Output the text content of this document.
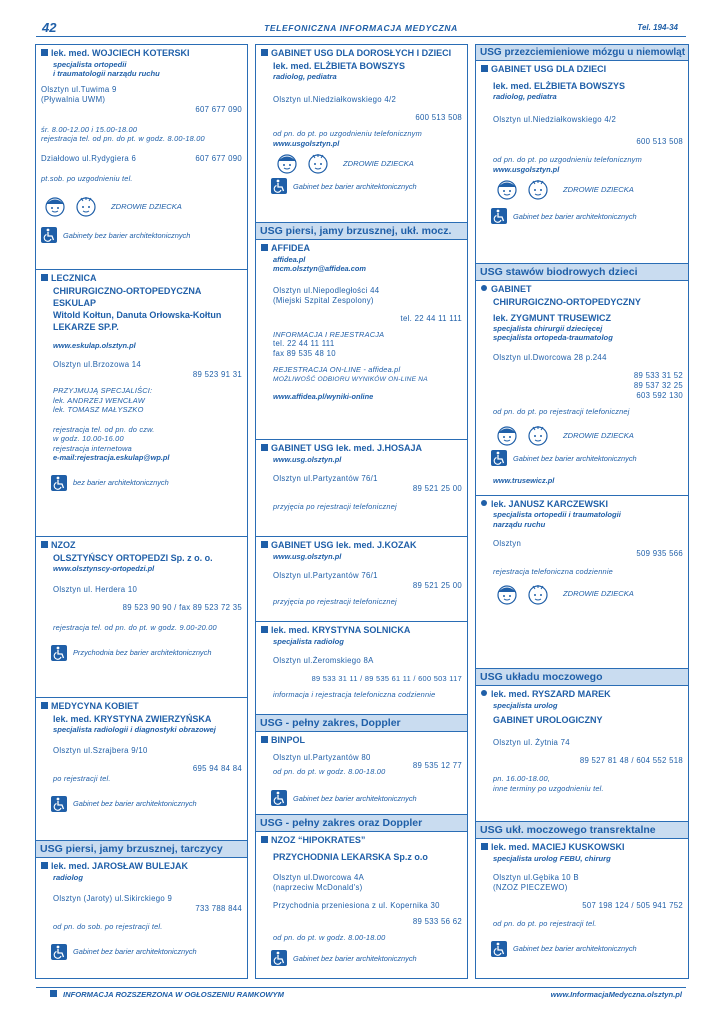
42	TELEFONICZNA INFORMACJA MEDYCZNA	Tel. 194-34
lek. med. WOJCIECH KOTERSKI
specjalista ortopedii
i traumatologii narządu ruchu
Olsztyn ul.Tuwima 9
(Pływalnia UWM)
607 677 090
śr. 8.00-12.00 i 15.00-18.00
rejestracja tel. od pn. do pt. w godz. 8.00-18.00
Działdowo ul.Rydygiera 6	607 677 090
pt.sob. po uzgodnieniu tel.
ZDROWIE DZIECKA
Gabinety bez barier architektonicznych
LECZNICA
CHIRURGICZNO-ORTOPEDYCZNA
ESKULAP
Witold Kołtun, Danuta Orłowska-Kołtun
LEKARZE SP.P.
www.eskulap.olsztyn.pl
Olsztyn ul.Brzozowa 14
89 523 91 31
PRZYJMUJĄ SPECJALIŚCI:
lek. ANDRZEJ WENCŁAW
lek. TOMASZ MAŁYSZKO
rejestracja tel. od pn. do czw.
w godz. 10.00-16.00
rejestracja internetowa
e-mail:rejestracja.eskulap@wp.pl
bez barier architektonicznych
NZOZ
OLSZTYŃSCY ORTOPEDZI Sp. z o. o.
www.olsztynscy-ortopedzi.pl
Olsztyn ul. Herdera 10
89 523 90 90 / fax 89 523 72 35
rejestracja tel. od pn. do pt. w godz. 9.00-20.00
Przychodnia bez barier architektonicznych
MEDYCYNA KOBIET
lek. med. KRYSTYNA ZWIERZYŃSKA
specjalista radiologii i diagnostyki obrazowej
Olsztyn ul.Szrajbera 9/10
695 94 84 84
po rejestracji tel.
Gabinet bez barier architektonicznych
USG piersi, jamy brzusznej, tarczycy
lek. med. JAROSŁAW BULEJAK
radiolog
Olsztyn (Jaroty) ul.Sikirckiego 9
733 788 844
od pn. do sob. po rejestracji tel.
Gabinet bez barier architektonicznych
GABINET USG DLA DOROSŁYCH I DZIECI
lek. med. ELŻBIETA BOWSZYS
radiolog, pediatra
Olsztyn ul.Niedziałkowskiego 4/2
600 513 508
od pn. do pt. po uzgodnieniu telefonicznym
www.usgolsztyn.pl
ZDROWIE DZIECKA
Gabinet bez barier architektonicznych
USG piersi, jamy brzusznej, ukł. mocz.
AFFIDEA
affidea.pl
mcm.olsztyn@affidea.com
Olsztyn ul.Niepodległości 44
(Miejski Szpital Zespolony)
tel. 22 44 11 111
INFORMACJA I REJESTRACJA
tel. 22 44 11 111
fax 89 535 48 10
REJESTRACJA ON-LINE - affidea.pl
MOŻLIWOŚĆ ODBIORU WYNIKÓW ON-LINE NA
www.affidea.pl/wyniki-online
GABINET USG lek. med. J.HOSAJA
www.usg.olsztyn.pl
Olsztyn ul.Partyzantów 76/1
89 521 25 00
przyjęcia po rejestracji telefonicznej
GABINET USG lek. med. J.KOZAK
www.usg.olsztyn.pl
Olsztyn ul.Partyzantów 76/1
89 521 25 00
przyjęcia po rejestracji telefonicznej
lek. med. KRYSTYNA SOLNICKA
specjalista radiolog
Olsztyn ul.Żeromskiego 8A
89 533 31 11 / 89 535 61 11 / 600 503 117
informacja i rejestracja telefoniczna codziennie
USG - pełny zakres, Doppler
BINPOL
Olsztyn ul.Partyzantów 80
89 535 12 77
od pn. do pt. w godz. 8.00-18.00
Gabinet bez barier architektonicznych
USG - pełny zakres oraz Doppler
NZOZ “HIPOKRATES”
PRZYCHODNIA LEKARSKA Sp.z o.o
Olsztyn ul.Dworcowa 4A
(naprzeciw McDonald's)
Przychodnia przeniesiona z ul. Kopernika 30
89 533 56 62
od pn. do pt. w godz. 8.00-18.00
Gabinet bez barier architektonicznych
USG przezciemieniowe mózgu u niemowląt
GABINET USG DLA DZIECI
lek. med. ELŻBIETA BOWSZYS
radiolog, pediatra
Olsztyn ul.Niedziałkowskiego 4/2
600 513 508
od pn. do pt. po uzgodnieniu telefonicznym
www.usgolsztyn.pl
ZDROWIE DZIECKA
Gabinet bez barier architektonicznych
USG stawów biodrowych dzieci
GABINET
CHIRURGICZNO-ORTOPEDYCZNY
lek. ZYGMUNT TRUSEWICZ
specjalista chirurgii dziecięcej
specjalista ortopeda-traumatolog
Olsztyn ul.Dworcowa 28 p.244
89 533 31 52
89 537 32 25
603 592 130
od pn. do pt. po rejestracji telefonicznej
ZDROWIE DZIECKA
Gabinet bez barier architektonicznych
www.trusewicz.pl
lek. JANUSZ KARCZEWSKI
specjalista ortopedii i traumatologii
narządu ruchu
Olsztyn
509 935 566
rejestracja telefoniczna codziennie
ZDROWIE DZIECKA
USG układu moczowego
lek. med. RYSZARD MAREK
specjalista urolog
GABINET UROLOGICZNY
Olsztyn ul. Żytnia 74
89 527 81 48 / 604 552 518
pn. 16.00-18.00,
inne terminy po uzgodnieniu tel.
USG ukł. moczowego transrektalne
lek. med. MACIEJ KUSKOWSKI
specjalista urolog FEBU, chirurg
Olsztyn ul.Gębika 10 B
(NZOZ PIECZEWO)
507 198 124 / 505 941 752
od pn. do pt. po rejestracji tel.
Gabinet bez barier architektonicznych
INFORMACJA ROZSZERZONA W OGŁOSZENIU RAMKOWYM	www.InformacjaMedyczna.olsztyn.pl
